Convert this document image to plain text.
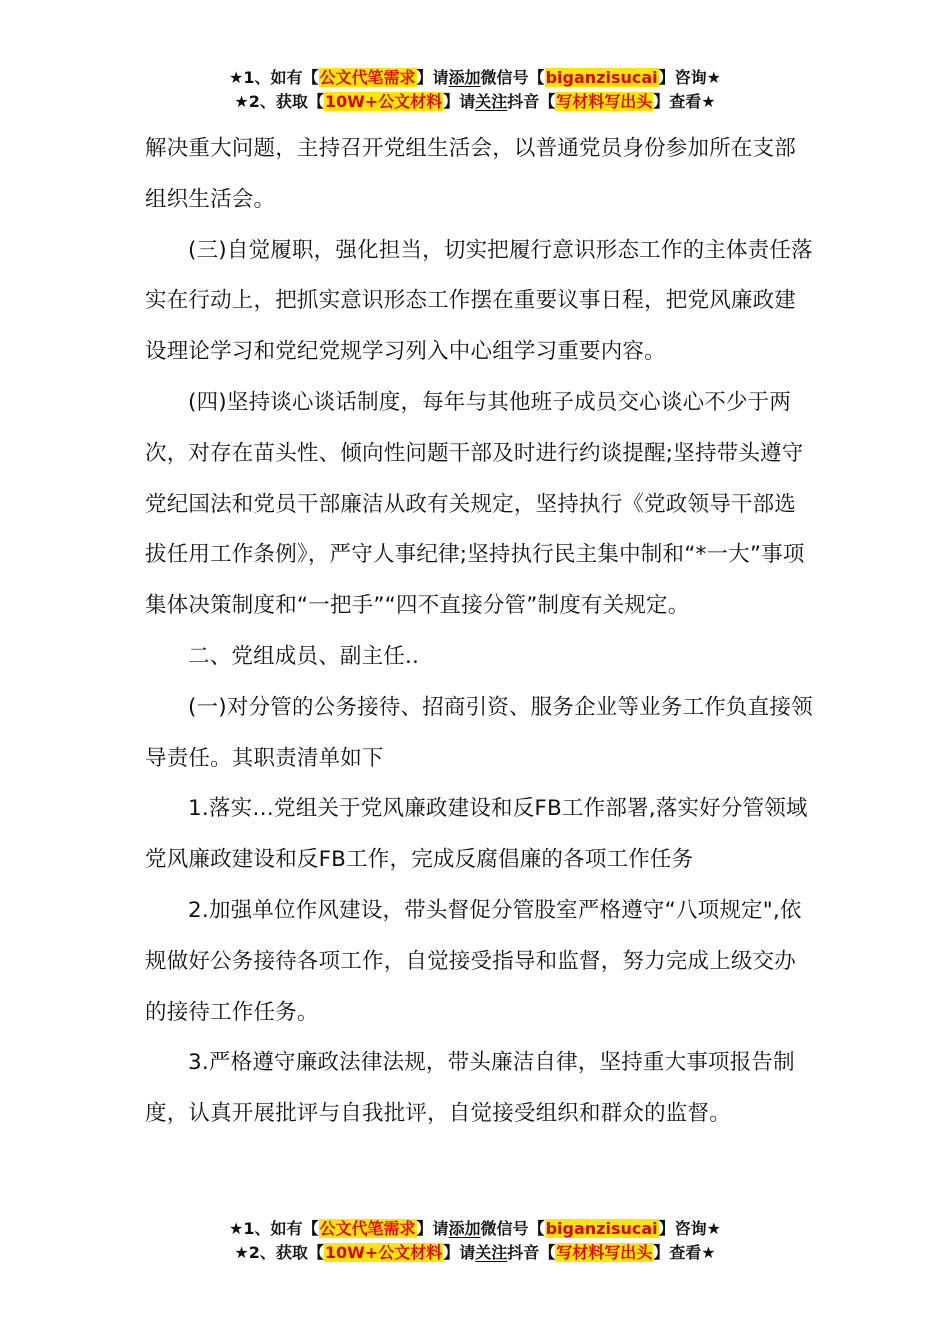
★1、如有【公文代笔需求】请添加微信号【biganzisucai】咨询★
★2、获取【10W+公文材料】请关注抖音【写材料写出头】查看★

解决重大问题，主持召开党组生活会，以普通党员身份参加所在支部组织生活会。

(三)自觉履职，强化担当，切实把履行意识形态工作的主体责任落实在行动上，把抓实意识形态工作摆在重要议事日程，把党风廉政建设理论学习和党纪党规学习列入中心组学习重要内容。

(四)坚持谈心谈话制度，每年与其他班子成员交心谈心不少于两次，对存在苗头性、倾向性问题干部及时进行约谈提醒;坚持带头遵守党纪国法和党员干部廉洁从政有关规定，坚持执行《党政领导干部选拔任用工作条例》，严守人事纪律;坚持执行民主集中制和“*一大”事项集体决策制度和“一把手”“四不直接分管”制度有关规定。

二、党组成员、副主任..

(一)对分管的公务接待、招商引资、服务企业等业务工作负直接领导责任。其职责清单如下

1.落实…党组关于党风廉政建设和反FB工作部署,落实好分管领域党风廉政建设和反FB工作，完成反腐倡廉的各项工作任务

2.加强单位作风建设，带头督促分管股室严格遵守“八项规定",依规做好公务接待各项工作，自觉接受指导和监督，努力完成上级交办的接待工作任务。

3.严格遵守廉政法律法规，带头廉洁自律，坚持重大事项报告制度，认真开展批评与自我批评，自觉接受组织和群众的监督。

★1、如有【公文代笔需求】请添加微信号【biganzisucai】咨询★
★2、获取【10W+公文材料】请关注抖音【写材料写出头】查看★
